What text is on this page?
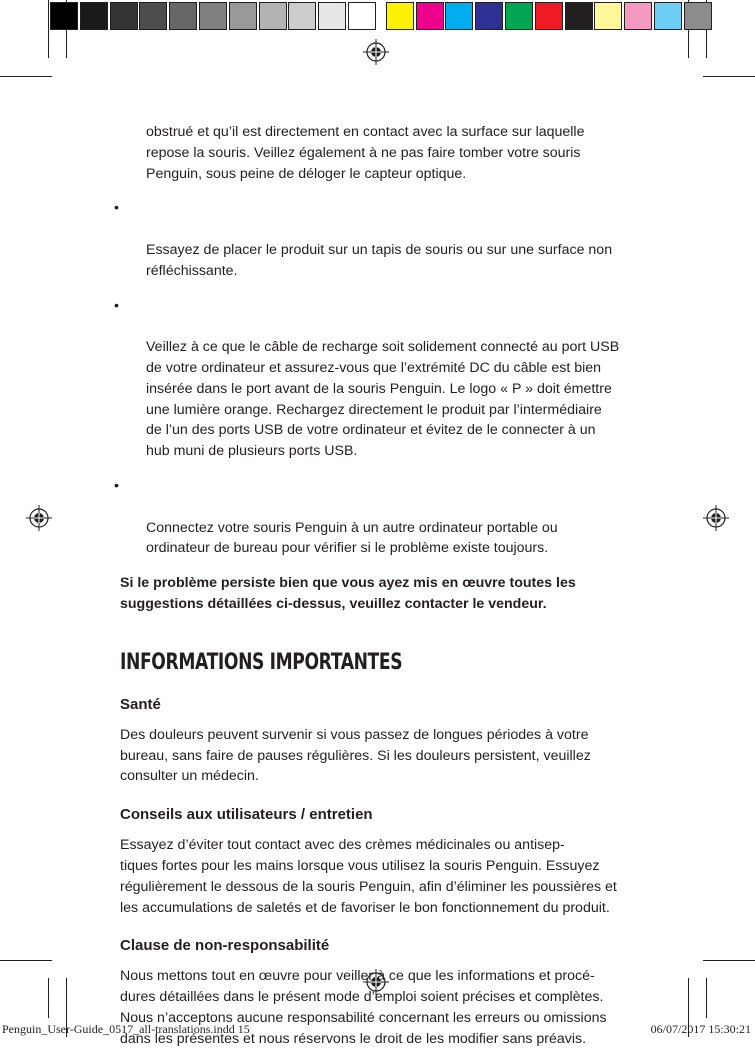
obstrué et qu’il est directement en contact avec la surface sur laquelle
repose la souris. Veillez également à ne pas faire tomber votre souris
Penguin, sous peine de déloger le capteur optique.

•

Essayez de placer le produit sur un tapis de souris ou sur une surface non
réfléchissante.

•

Veillez à ce que le câble de recharge soit solidement connecté au port USB
de votre ordinateur et assurez-vous que l’extrémité DC du câble est bien
insérée dans le port avant de la souris Penguin. Le logo « P » doit émettre
une lumière orange. Rechargez directement le produit par l’intermédiaire
de l’un des ports USB de votre ordinateur et évitez de le connecter à un
hub muni de plusieurs ports USB.

•

Connectez votre souris Penguin à un autre ordinateur portable ou
ordinateur de bureau pour vérifier si le problème existe toujours.

Si le problème persiste bien que vous ayez mis en œuvre toutes les
suggestions détaillées ci-dessus, veuillez contacter le vendeur.
INFORMATIONS IMPORTANTES
Santé
Des douleurs peuvent survenir si vous passez de longues périodes à votre
bureau, sans faire de pauses régulières. Si les douleurs persistent, veuillez
consulter un médecin.
Conseils aux utilisateurs / entretien
Essayez d’éviter tout contact avec des crèmes médicinales ou antisep-
tiques fortes pour les mains lorsque vous utilisez la souris Penguin. Essuyez
régulièrement le dessous de la souris Penguin, afin d’éliminer les poussières et
les accumulations de saletés et de favoriser le bon fonctionnement du produit.
Clause de non-responsabilité
Nous mettons tout en œuvre pour veiller à ce que les informations et procé-
dures détaillées dans le présent mode d’emploi soient précises et complètes.
Nous n’acceptons aucune responsabilité concernant les erreurs ou omissions
dans les présentes et nous réservons le droit de les modifier sans préavis.
Penguin_User-Guide_0517_all-translations.indd 15	06/07/2017 15:30:21
